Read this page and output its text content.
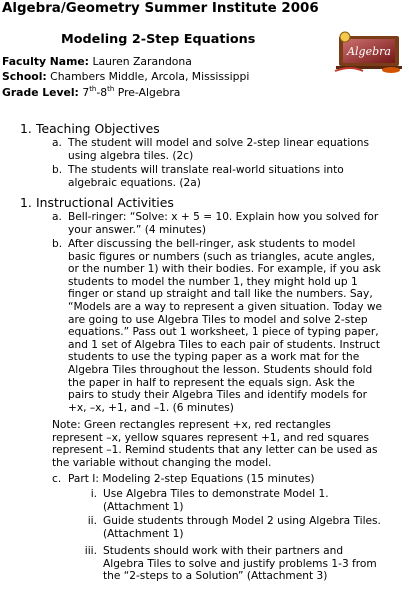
Algebra/Geometry Summer Institute 2006
Modeling 2-Step Equations
Algebra
Faculty Name: Lauren Zarandona
School: Chambers Middle, Arcola, Mississippi
Grade Level: 7th-8th Pre-Algebra
1. Teaching Objectives
a. The student will model and solve 2-step linear equations
using algebra tiles. (2c)
b. The students will translate real-world situations into
algebraic equations. (2a)
1. Instructional Activities
a. Bell-ringer: “Solve: x + 5 = 10. Explain how you solved for
your answer.” (4 minutes)
b. After discussing the bell-ringer, ask students to model
basic figures or numbers (such as triangles, acute angles,
or the number 1) with their bodies. For example, if you ask
students to model the number 1, they might hold up 1
finger or stand up straight and tall like the numbers. Say,
“Models are a way to represent a given situation. Today we
are going to use Algebra Tiles to model and solve 2-step
equations.” Pass out 1 worksheet, 1 piece of typing paper,
and 1 set of Algebra Tiles to each pair of students. Instruct
students to use the typing paper as a work mat for the
Algebra Tiles throughout the lesson. Students should fold
the paper in half to represent the equals sign. Ask the
pairs to study their Algebra Tiles and identify models for
+x, –x, +1, and –1. (6 minutes)
Note: Green rectangles represent +x, red rectangles
represent –x, yellow squares represent +1, and red squares
represent –1. Remind students that any letter can be used as
the variable without changing the model.
c. Part I: Modeling 2-step Equations (15 minutes)
i. Use Algebra Tiles to demonstrate Model 1.
(Attachment 1)
ii. Guide students through Model 2 using Algebra Tiles.
(Attachment 1)
iii. Students should work with their partners and
Algebra Tiles to solve and justify problems 1-3 from
the “2-steps to a Solution” (Attachment 3)
